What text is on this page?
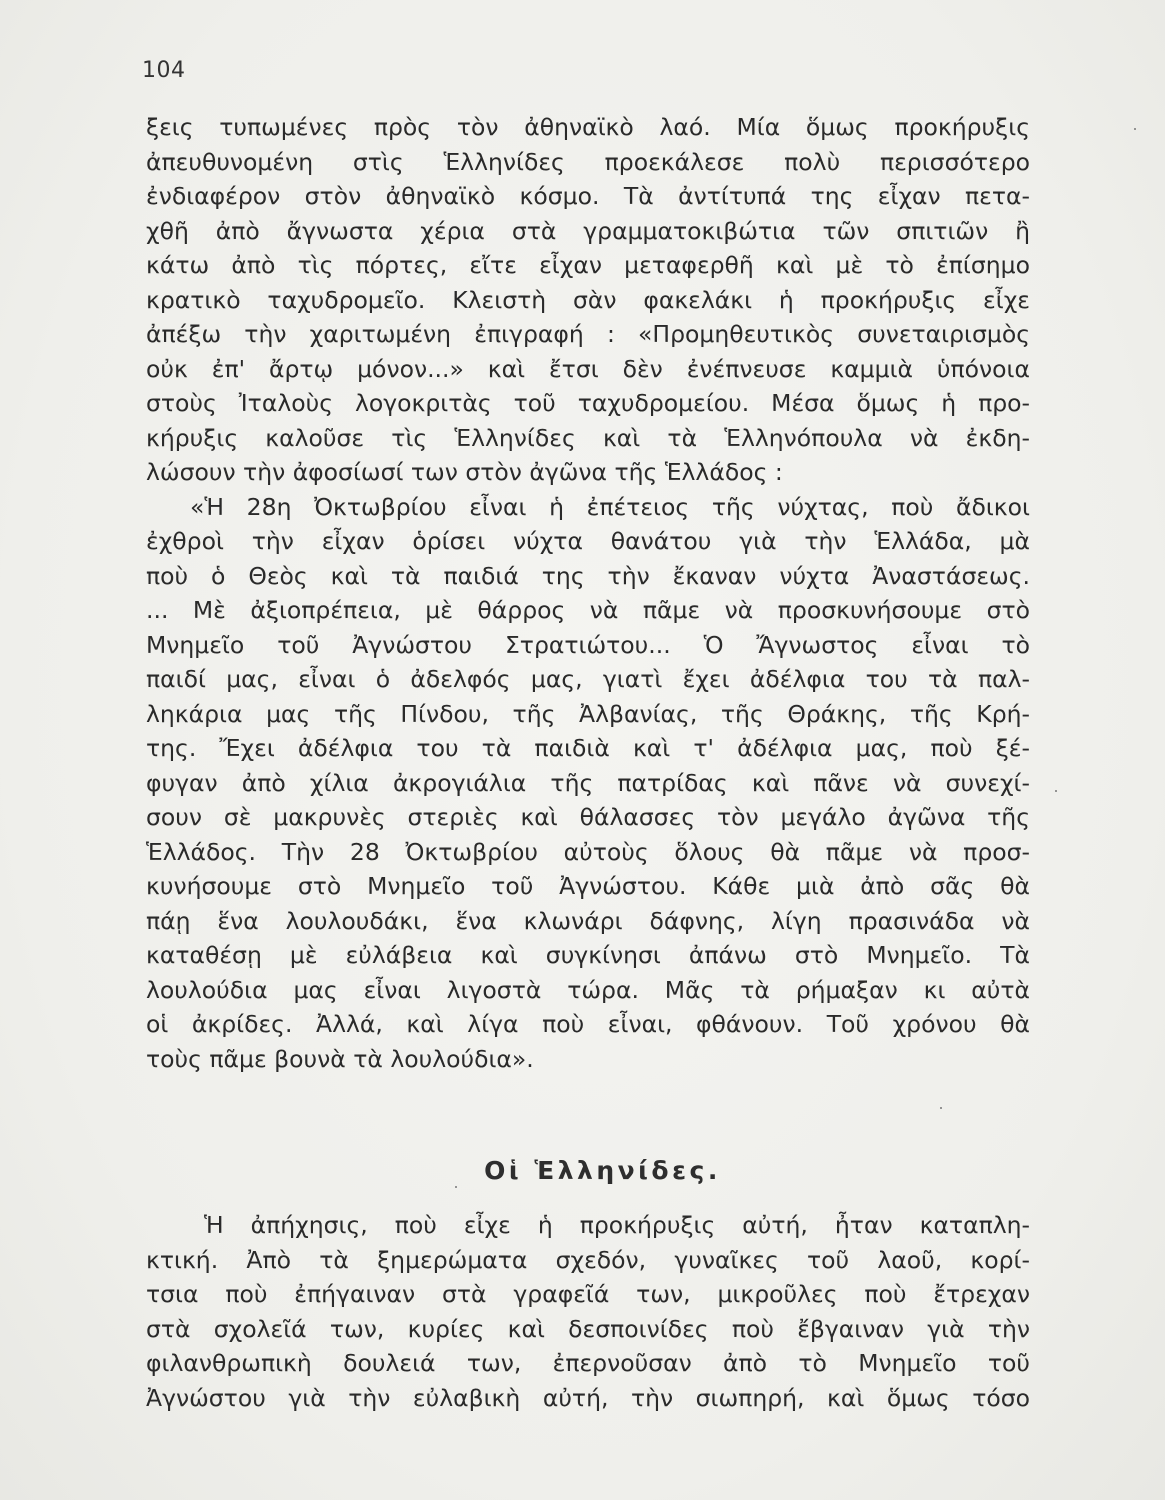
104
ξεις τυπωμένες πρὸς τὸν ἀθηναϊκὸ λαό. Μία ὅμως προκήρυξις
ἀπευθυνομένη στὶς Ἑλληνίδες προεκάλεσε πολὺ περισσότερο
ἐνδιαφέρον στὸν ἀθηναϊκὸ κόσμο. Τὰ ἀντίτυπά της εἶχαν πετα-
χθῆ ἀπὸ ἄγνωστα χέρια στὰ γραμματοκιβώτια τῶν σπιτιῶν ἢ
κάτω ἀπὸ τὶς πόρτες, εἴτε εἶχαν μεταφερθῆ καὶ μὲ τὸ ἐπίσημο
κρατικὸ ταχυδρομεῖο. Κλειστὴ σὰν φακελάκι ἡ προκήρυξις εἶχε
ἀπέξω τὴν χαριτωμένη ἐπιγραφή : «Προμηθευτικὸς συνεταιρισμὸς
οὐκ ἐπ' ἄρτῳ μόνον...» καὶ ἔτσι δὲν ἐνέπνευσε καμμιὰ ὑπόνοια
στοὺς Ἰταλοὺς λογοκριτὰς τοῦ ταχυδρομείου. Μέσα ὅμως ἡ προ-
κήρυξις καλοῦσε τὶς Ἑλληνίδες καὶ τὰ Ἑλληνόπουλα νὰ ἐκδη-
λώσουν τὴν ἀφοσίωσί των στὸν ἀγῶνα τῆς Ἑλλάδος :
«Ἡ 28η Ὀκτωβρίου εἶναι ἡ ἐπέτειος τῆς νύχτας, ποὺ ἄδικοι
ἐχθροὶ τὴν εἶχαν ὁρίσει νύχτα θανάτου γιὰ τὴν Ἑλλάδα, μὰ
ποὺ ὁ Θεὸς καὶ τὰ παιδιά της τὴν ἔκαναν νύχτα Ἀναστάσεως.
... Μὲ ἀξιοπρέπεια, μὲ θάρρος νὰ πᾶμε νὰ προσκυνήσουμε στὸ
Μνημεῖο τοῦ Ἀγνώστου Στρατιώτου... Ὁ Ἄγνωστος εἶναι τὸ
παιδί μας, εἶναι ὁ ἀδελφός μας, γιατὶ ἔχει ἀδέλφια του τὰ παλ-
ληκάρια μας τῆς Πίνδου, τῆς Ἀλβανίας, τῆς Θράκης, τῆς Κρή-
της. Ἔχει ἀδέλφια του τὰ παιδιὰ καὶ τ' ἀδέλφια μας, ποὺ ξέ-
φυγαν ἀπὸ χίλια ἀκρογιάλια τῆς πατρίδας καὶ πᾶνε νὰ συνεχί-
σουν σὲ μακρυνὲς στεριὲς καὶ θάλασσες τὸν μεγάλο ἀγῶνα τῆς
Ἑλλάδος. Τὴν 28 Ὀκτωβρίου αὐτοὺς ὅλους θὰ πᾶμε νὰ προσ-
κυνήσουμε στὸ Μνημεῖο τοῦ Ἀγνώστου. Κάθε μιὰ ἀπὸ σᾶς θὰ
πάῃ ἕνα λουλουδάκι, ἕνα κλωνάρι δάφνης, λίγη πρασινάδα νὰ
καταθέσῃ μὲ εὐλάβεια καὶ συγκίνησι ἀπάνω στὸ Μνημεῖο. Τὰ
λουλούδια μας εἶναι λιγοστὰ τώρα. Μᾶς τὰ ρήμαξαν κι αὐτὰ
οἱ ἀκρίδες. Ἀλλά, καὶ λίγα ποὺ εἶναι, φθάνουν. Τοῦ χρόνου θὰ
τοὺς πᾶμε βουνὰ τὰ λουλούδια».
Οἱ Ἑλληνίδες.
Ἡ ἀπήχησις, ποὺ εἶχε ἡ προκήρυξις αὐτή, ἦταν καταπλη-
κτική. Ἀπὸ τὰ ξημερώματα σχεδόν, γυναῖκες τοῦ λαοῦ, κορί-
τσια ποὺ ἐπήγαιναν στὰ γραφεῖά των, μικροῦλες ποὺ ἔτρεχαν
στὰ σχολεῖά των, κυρίες καὶ δεσποινίδες ποὺ ἔβγαιναν γιὰ τὴν
φιλανθρωπικὴ δουλειά των, ἐπερνοῦσαν ἀπὸ τὸ Μνημεῖο τοῦ
Ἀγνώστου γιὰ τὴν εὐλαβικὴ αὐτή, τὴν σιωπηρή, καὶ ὅμως τόσο
